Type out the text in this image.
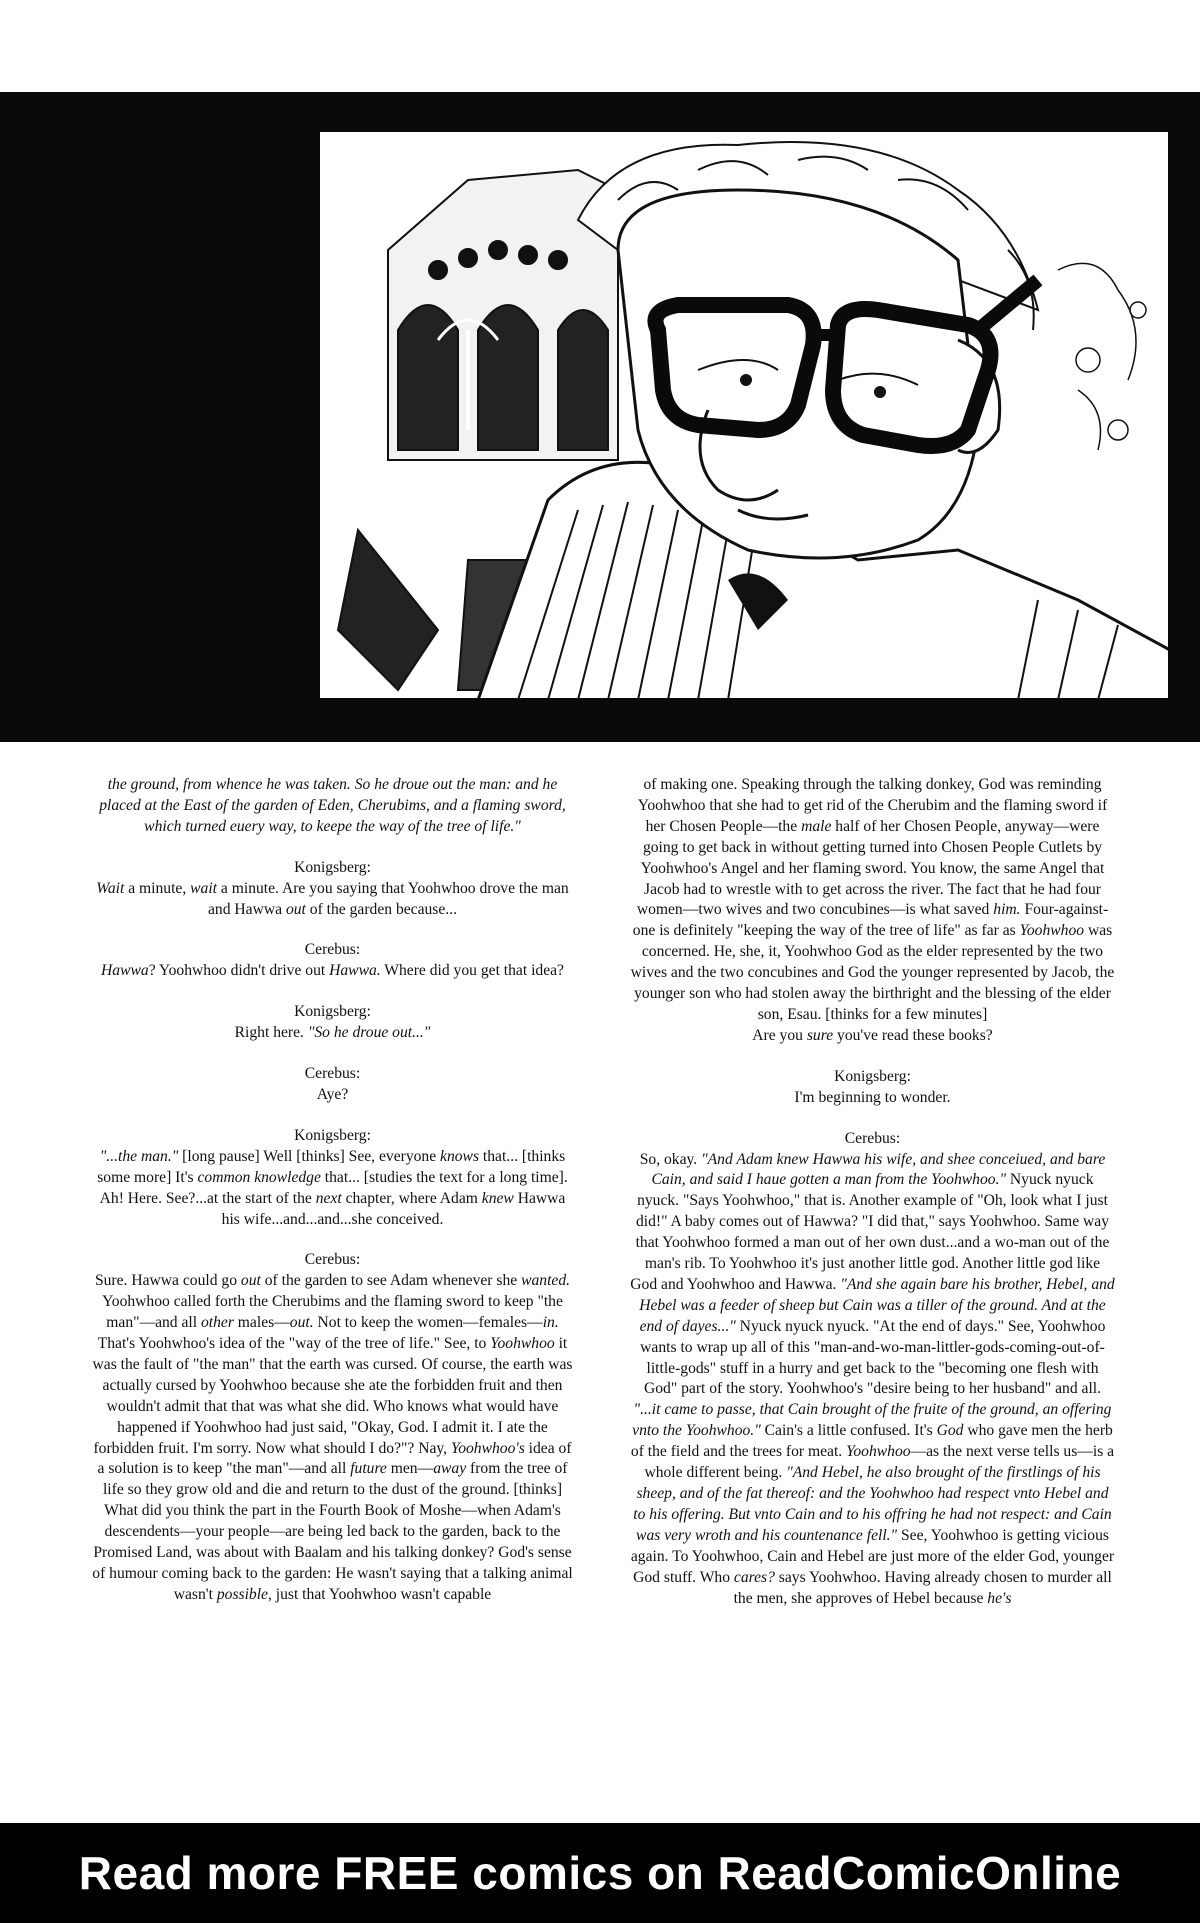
the ground, from whence he was taken. So he droue out the man: and he placed at the East of the garden of Eden, Cherubims, and a flaming sword, which turned euery way, to keepe the way of the tree of life."

Konigsberg:
Wait a minute, wait a minute. Are you saying that Yoohwhoo drove the man and Hawwa out of the garden because...

Cerebus:
Hawwa? Yoohwhoo didn't drive out Hawwa. Where did you get that idea?

Konigsberg:
Right here. "So he droue out..."

Cerebus:
Aye?

Konigsberg:
"...the man." [long pause] Well [thinks] See, everyone knows that... [thinks some more] It's common knowledge that... [studies the text for a long time]. Ah! Here. See?...at the start of the next chapter, where Adam knew Hawwa his wife...and...and...she conceived.

Cerebus:
Sure. Hawwa could go out of the garden to see Adam whenever she wanted. Yoohwhoo called forth the Cherubims and the flaming sword to keep "the man"—and all other males—out. Not to keep the women—females—in. That's Yoohwhoo's idea of the "way of the tree of life." See, to Yoohwhoo it was the fault of "the man" that the earth was cursed. Of course, the earth was actually cursed by Yoohwhoo because she ate the forbidden fruit and then wouldn't admit that that was what she did. Who knows what would have happened if Yoohwhoo had just said, "Okay, God. I admit it. I ate the forbidden fruit. I'm sorry. Now what should I do?"? Nay, Yoohwhoo's idea of a solution is to keep "the man"—and all future men—away from the tree of life so they grow old and die and return to the dust of the ground. [thinks] What did you think the part in the Fourth Book of Moshe—when Adam's descendents—your people—are being led back to the garden, back to the Promised Land, was about with Baalam and his talking donkey? God's sense of humour coming back to the garden: He wasn't saying that a talking animal wasn't possible, just that Yoohwhoo wasn't capable

of making one. Speaking through the talking donkey, God was reminding Yoohwhoo that she had to get rid of the Cherubim and the flaming sword if her Chosen People—the male half of her Chosen People, anyway—were going to get back in without getting turned into Chosen People Cutlets by Yoohwhoo's Angel and her flaming sword. You know, the same Angel that Jacob had to wrestle with to get across the river. The fact that he had four women—two wives and two concubines—is what saved him. Four-against-one is definitely "keeping the way of the tree of life" as far as Yoohwhoo was concerned. He, she, it, Yoohwhoo God as the elder represented by the two wives and the two concubines and God the younger represented by Jacob, the younger son who had stolen away the birthright and the blessing of the elder son, Esau. [thinks for a few minutes]
Are you sure you've read these books?

Konigsberg:
I'm beginning to wonder.

Cerebus:
So, okay. "And Adam knew Hawwa his wife, and shee conceiued, and bare Cain, and said I haue gotten a man from the Yoohwhoo." Nyuck nyuck nyuck. "Says Yoohwhoo," that is. Another example of "Oh, look what I just did!" A baby comes out of Hawwa? "I did that," says Yoohwhoo. Same way that Yoohwhoo formed a man out of her own dust...and a wo-man out of the man's rib. To Yoohwhoo it's just another little god. Another little god like God and Yoohwhoo and Hawwa. "And she again bare his brother, Hebel, and Hebel was a feeder of sheep but Cain was a tiller of the ground. And at the end of dayes..." Nyuck nyuck nyuck. "At the end of days." See, Yoohwhoo wants to wrap up all of this "man-and-wo-man-littler-gods-coming-out-of-little-gods" stuff in a hurry and get back to the "becoming one flesh with God" part of the story. Yoohwhoo's "desire being to her husband" and all. "...it came to passe, that Cain brought of the fruite of the ground, an offering vnto the Yoohwhoo." Cain's a little confused. It's God who gave men the herb of the field and the trees for meat. Yoohwhoo—as the next verse tells us—is a whole different being. "And Hebel, he also brought of the firstlings of his sheep, and of the fat thereof: and the Yoohwhoo had respect vnto Hebel and to his offering. But vnto Cain and to his offring he had not respect: and Cain was very wroth and his countenance fell." See, Yoohwhoo is getting vicious again. To Yoohwhoo, Cain and Hebel are just more of the elder God, younger God stuff. Who cares? says Yoohwhoo. Having already chosen to murder all the men, she approves of Hebel because he's

Read more FREE comics on ReadComicOnline
